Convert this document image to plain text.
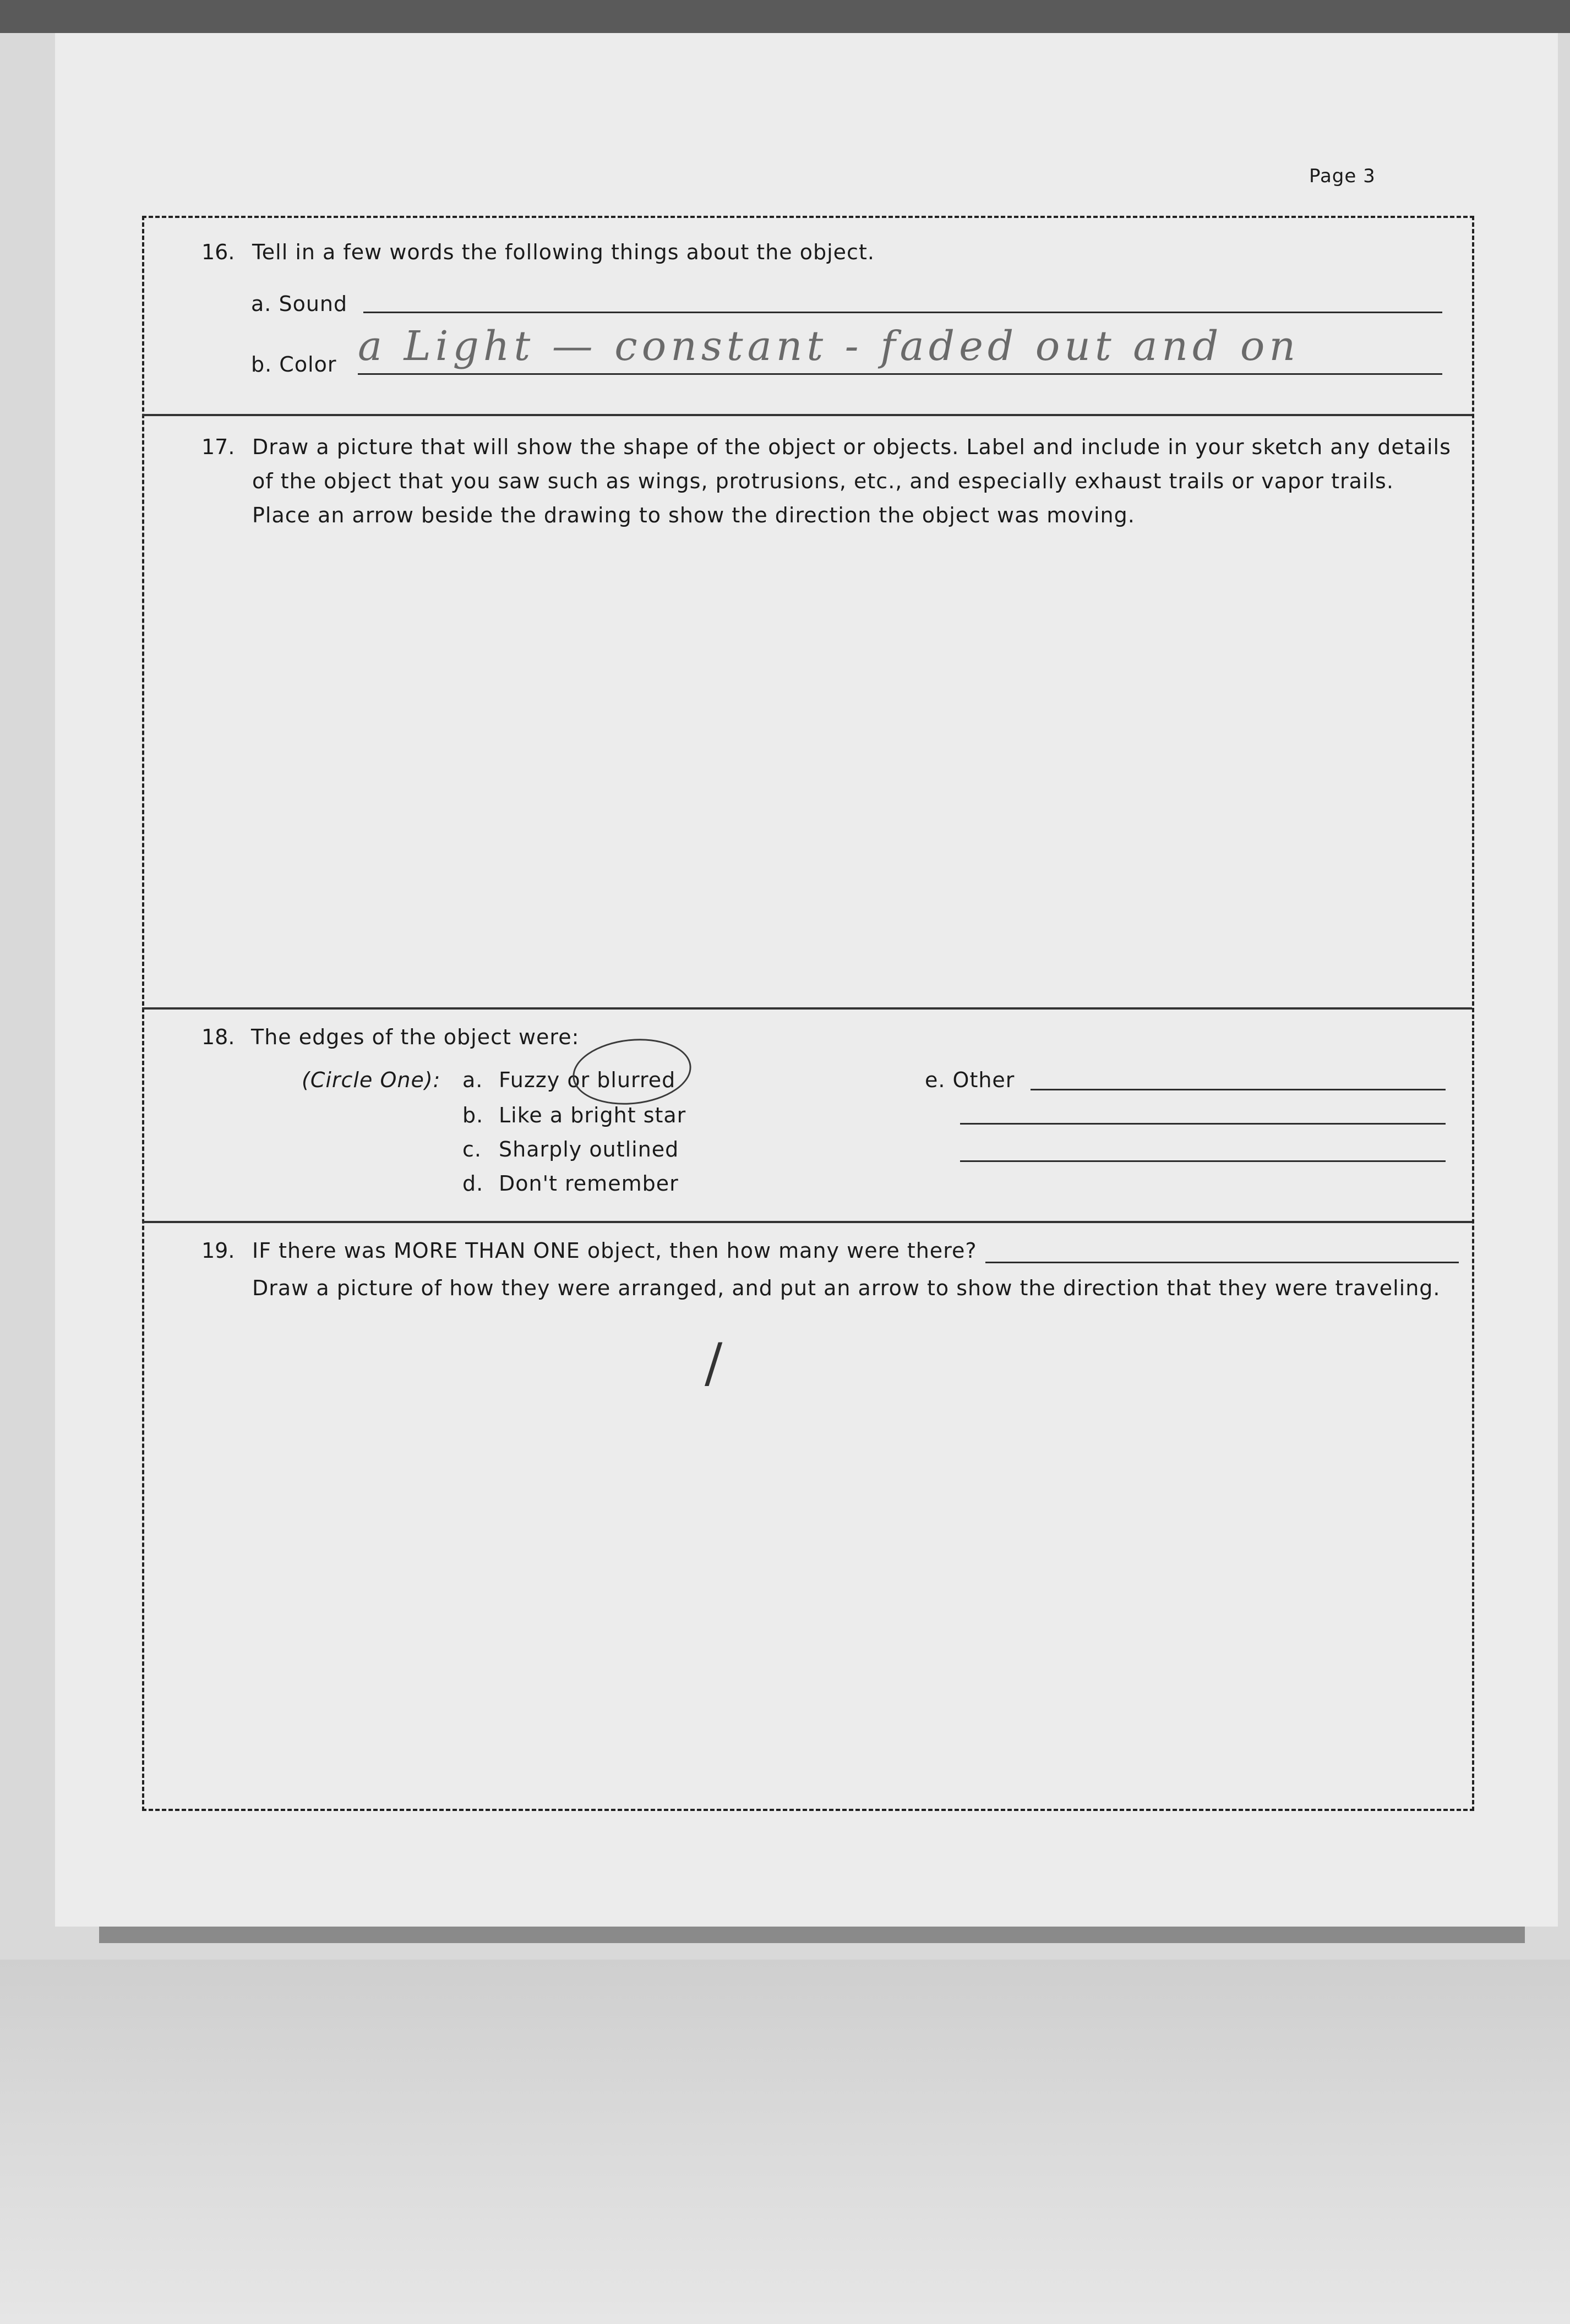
Page 3
16. Tell in a few words the following things about the object.
a. Sound
b. Color a Light — constant - faded out and on
17. Draw a picture that will show the shape of the object or objects. Label and include in your sketch any details
of the object that you saw such as wings, protrusions, etc., and especially exhaust trails or vapor trails.
Place an arrow beside the drawing to show the direction the object was moving.
18. The edges of the object were:
(Circle One): a. Fuzzy or blurred
b. Like a bright star
c. Sharply outlined
d. Don't remember
e. Other
19. IF there was MORE THAN ONE object, then how many were there?
Draw a picture of how they were arranged, and put an arrow to show the direction that they were traveling.
/
